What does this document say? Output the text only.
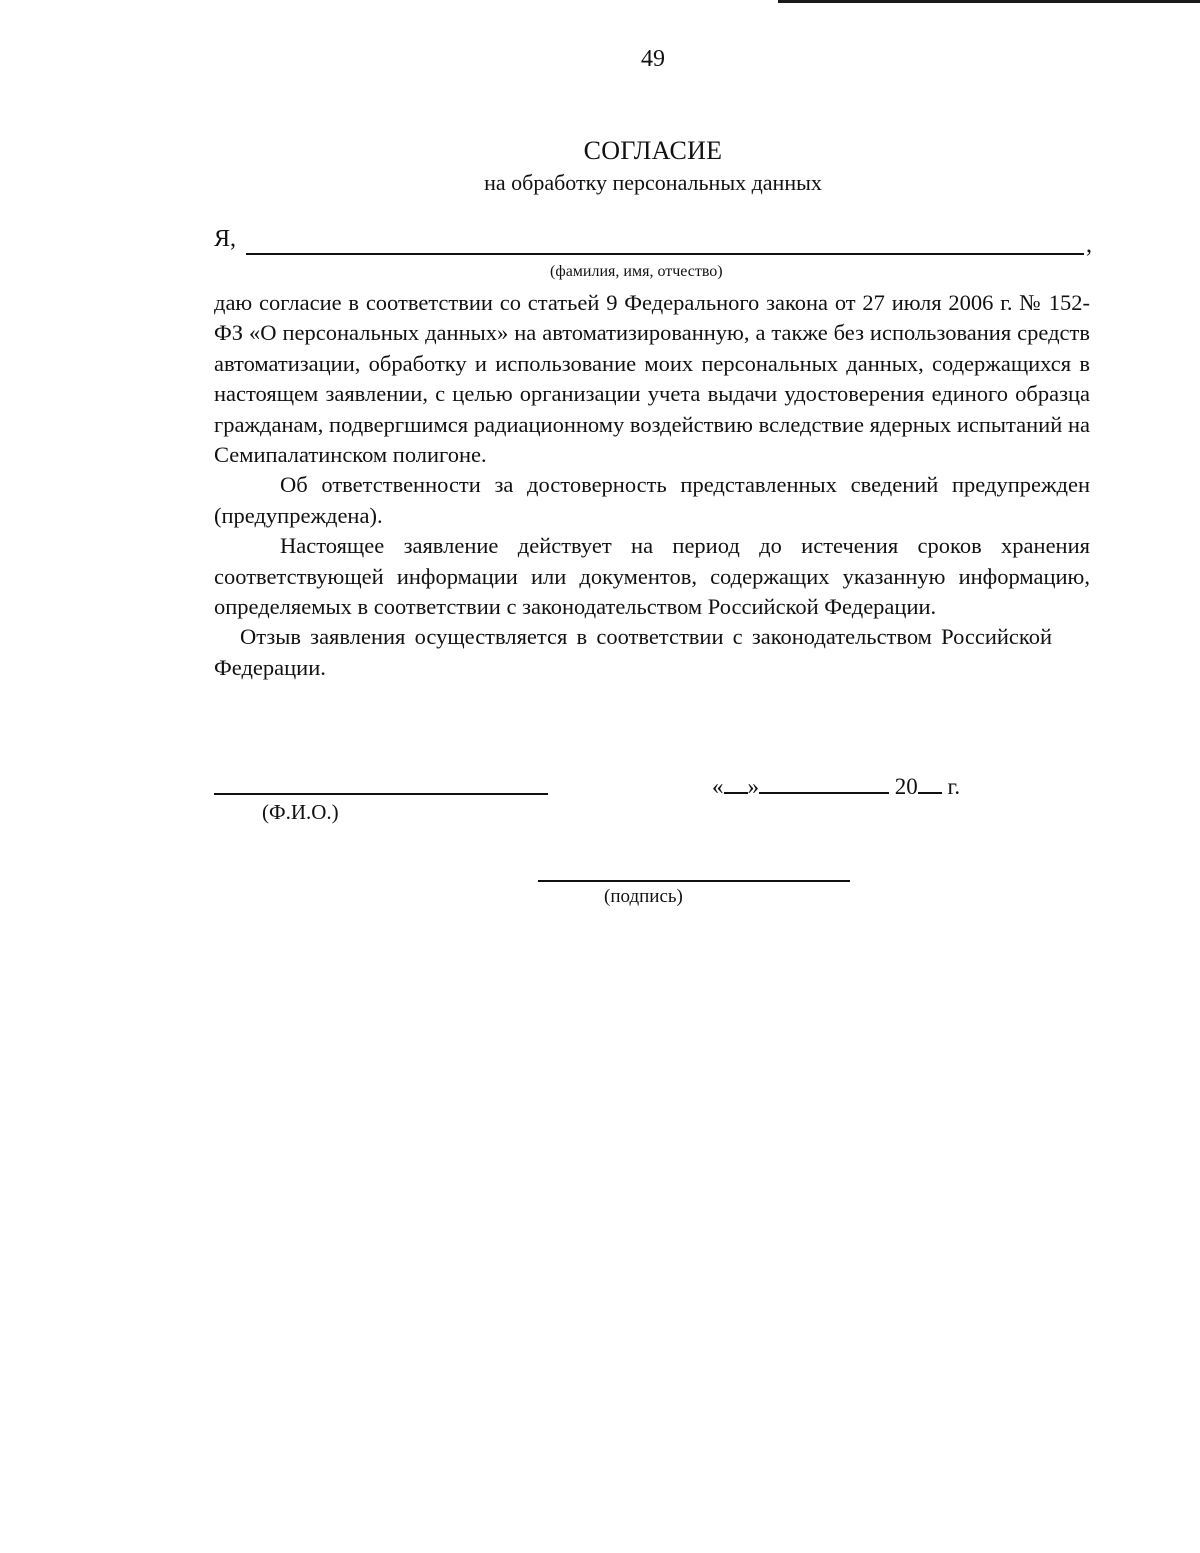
49
СОГЛАСИЕ
на обработку персональных данных
Я,	,
(фамилия, имя, отчество)

даю согласие в соответствии со статьей 9 Федерального закона от 27 июля 2006 г. № 152-ФЗ «О персональных данных» на автоматизированную, а также без использования средств автоматизации, обработку и использование моих персональных данных, содержащихся в настоящем заявлении, с целью организации учета выдачи удостоверения единого образца гражданам, подвергшимся радиационному воздействию вследствие ядерных испытаний на Семипалатинском полигоне.

Об ответственности за достоверность представленных сведений предупрежден (предупреждена).

Настоящее заявление действует на период до истечения сроков хранения соответствующей информации или документов, содержащих указанную информацию, определяемых в соответствии с законодательством Российской Федерации.

Отзыв заявления осуществляется в соответствии с законодательством Российской Федерации.

(Ф.И.О.)
« »	20 г.
(подпись)
